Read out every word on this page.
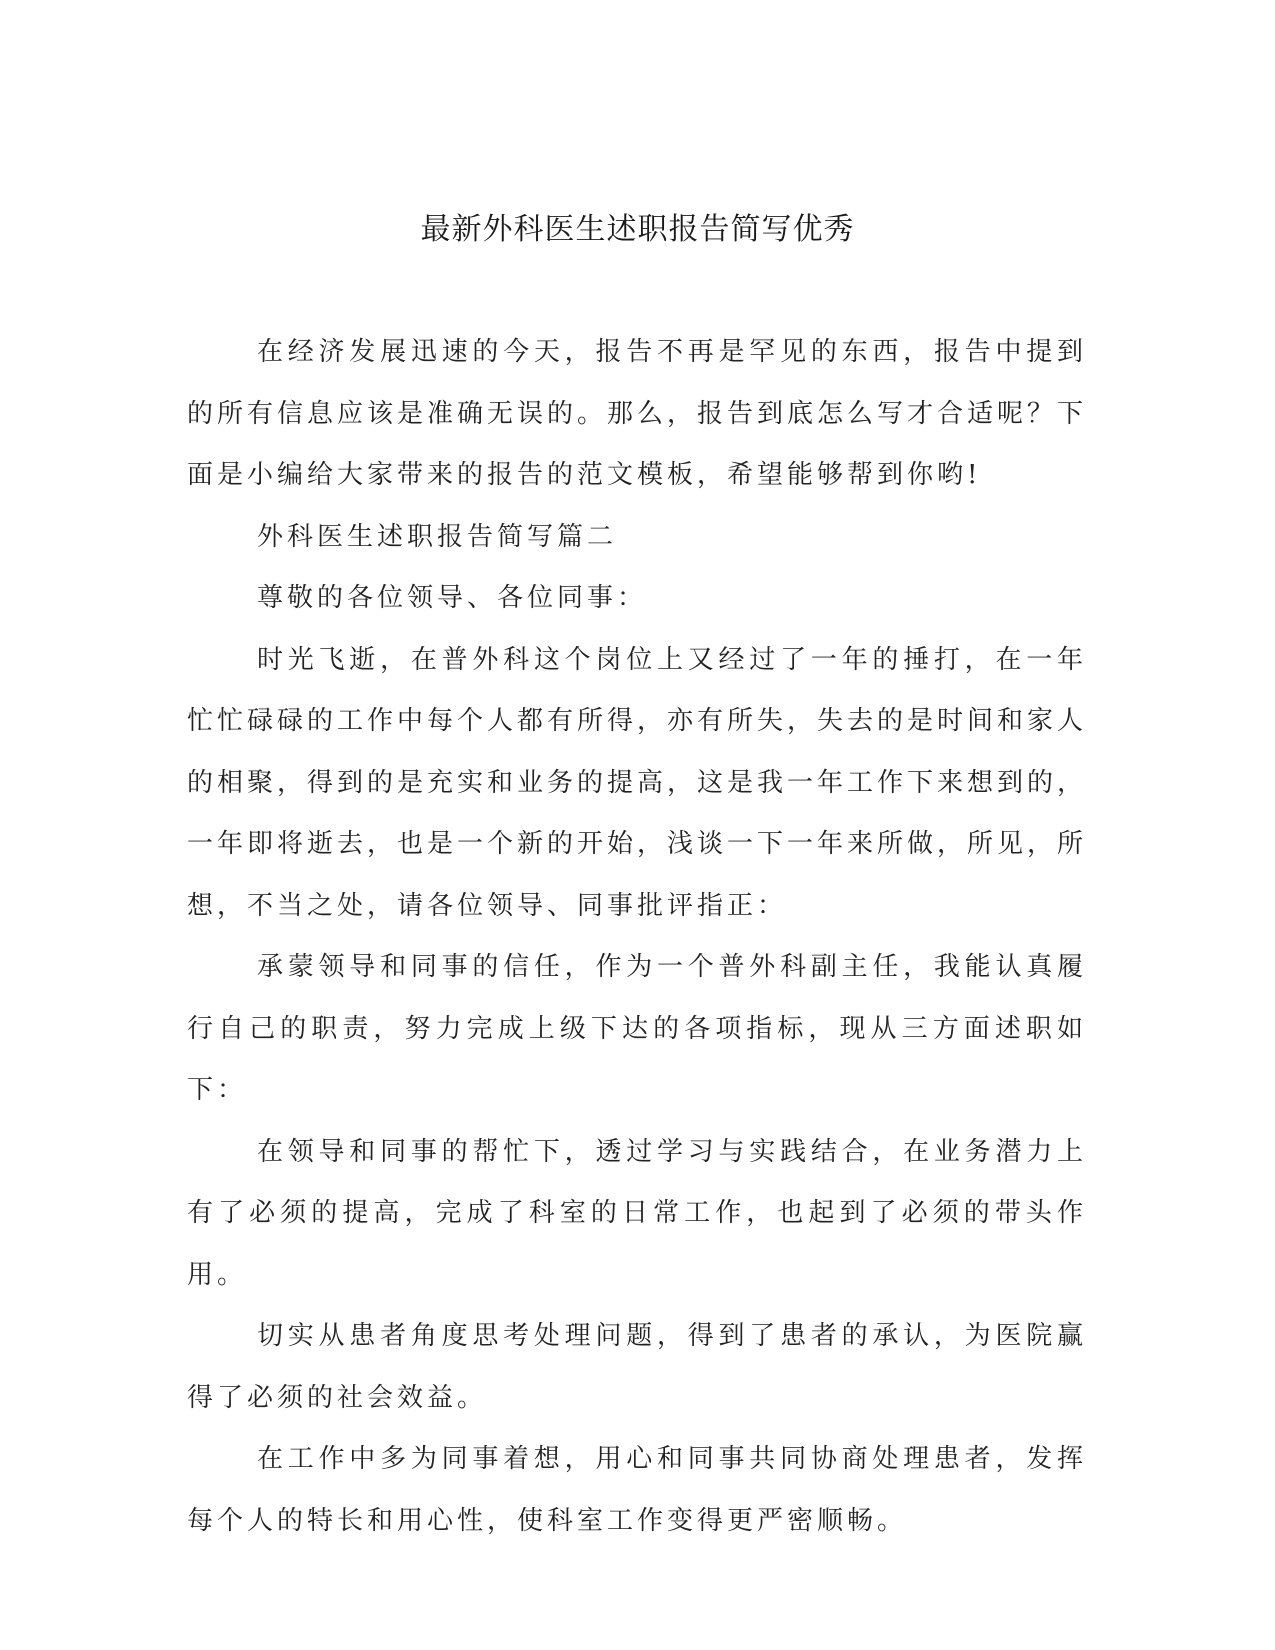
最新外科医生述职报告简写优秀

在经济发展迅速的今天，报告不再是罕见的东西，报告中提到的所有信息应该是准确无误的。那么，报告到底怎么写才合适呢？下面是小编给大家带来的报告的范文模板，希望能够帮到你哟!

外科医生述职报告简写篇二

尊敬的各位领导、各位同事：

时光飞逝，在普外科这个岗位上又经过了一年的捶打，在一年忙忙碌碌的工作中每个人都有所得，亦有所失，失去的是时间和家人的相聚，得到的是充实和业务的提高，这是我一年工作下来想到的，一年即将逝去，也是一个新的开始，浅谈一下一年来所做，所见，所想，不当之处，请各位领导、同事批评指正：

承蒙领导和同事的信任，作为一个普外科副主任，我能认真履行自己的职责，努力完成上级下达的各项指标，现从三方面述职如下：

在领导和同事的帮忙下，透过学习与实践结合，在业务潜力上有了必须的提高，完成了科室的日常工作，也起到了必须的带头作用。

切实从患者角度思考处理问题，得到了患者的承认，为医院赢得了必须的社会效益。

在工作中多为同事着想，用心和同事共同协商处理患者，发挥每个人的特长和用心性，使科室工作变得更严密顺畅。
